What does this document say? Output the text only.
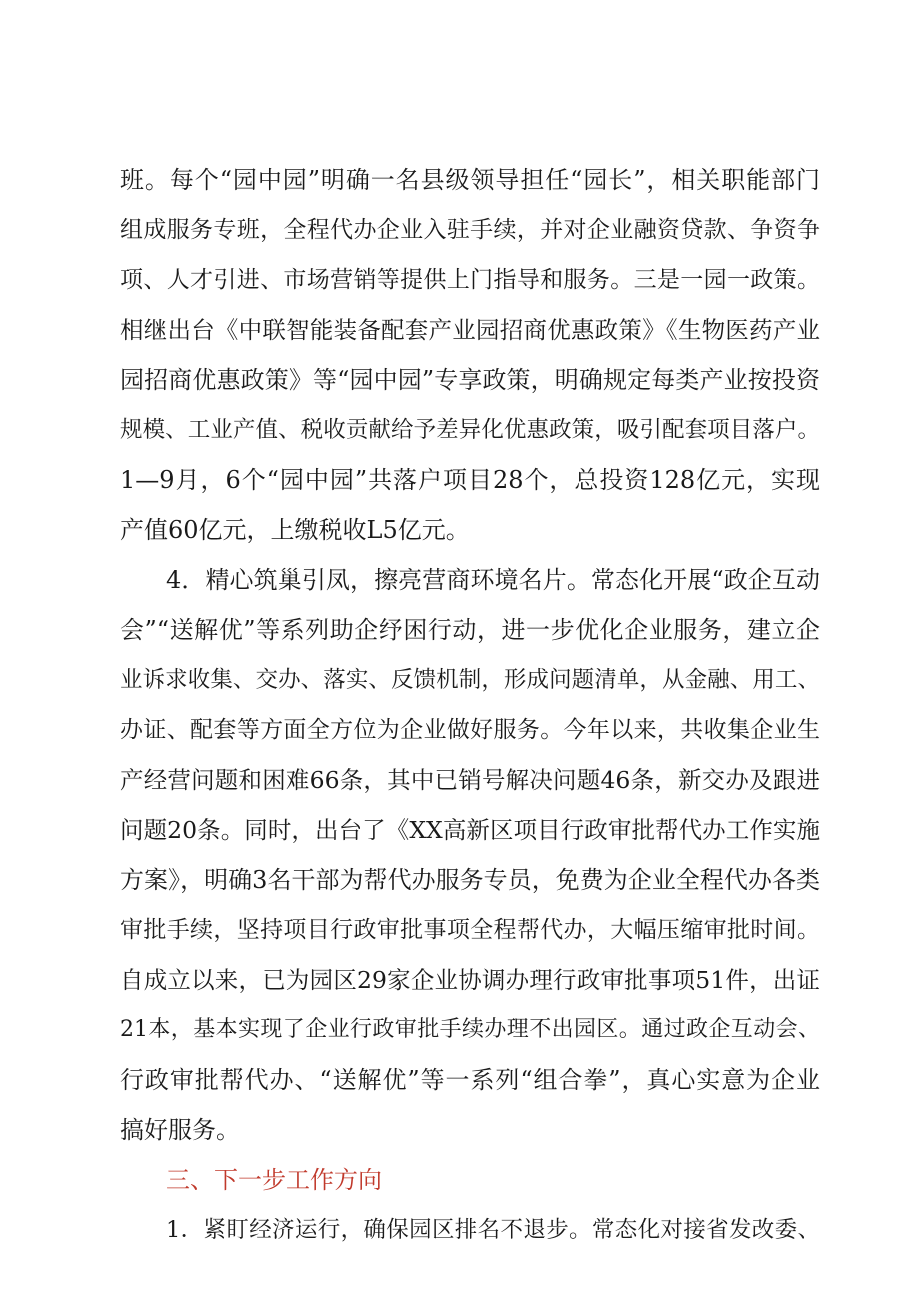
班。每个“园中园”明确一名县级领导担任“园长”，相关职能部门
组成服务专班，全程代办企业入驻手续，并对企业融资贷款、争资争
项、人才引进、市场营销等提供上门指导和服务。三是一园一政策。
相继出台《中联智能装备配套产业园招商优惠政策》《生物医药产业
园招商优惠政策》等“园中园”专享政策，明确规定每类产业按投资
规模、工业产值、税收贡献给予差异化优惠政策，吸引配套项目落户。
1—9月，6个“园中园”共落户项目28个，总投资128亿元，实现
产值60亿元，上缴税收L5亿元。
4．精心筑巢引凤，擦亮营商环境名片。常态化开展“政企互动
会”“送解优”等系列助企纾困行动，进一步优化企业服务，建立企
业诉求收集、交办、落实、反馈机制，形成问题清单，从金融、用工、
办证、配套等方面全方位为企业做好服务。今年以来，共收集企业生
产经营问题和困难66条，其中已销号解决问题46条，新交办及跟进
问题20条。同时，出台了《XX高新区项目行政审批帮代办工作实施
方案》，明确3名干部为帮代办服务专员，免费为企业全程代办各类
审批手续，坚持项目行政审批事项全程帮代办，大幅压缩审批时间。
自成立以来，已为园区29家企业协调办理行政审批事项51件，出证
21本，基本实现了企业行政审批手续办理不出园区。通过政企互动会、
行政审批帮代办、“送解优”等一系列“组合拳”，真心实意为企业
搞好服务。
三、下一步工作方向
1．紧盯经济运行，确保园区排名不退步。常态化对接省发改委、
